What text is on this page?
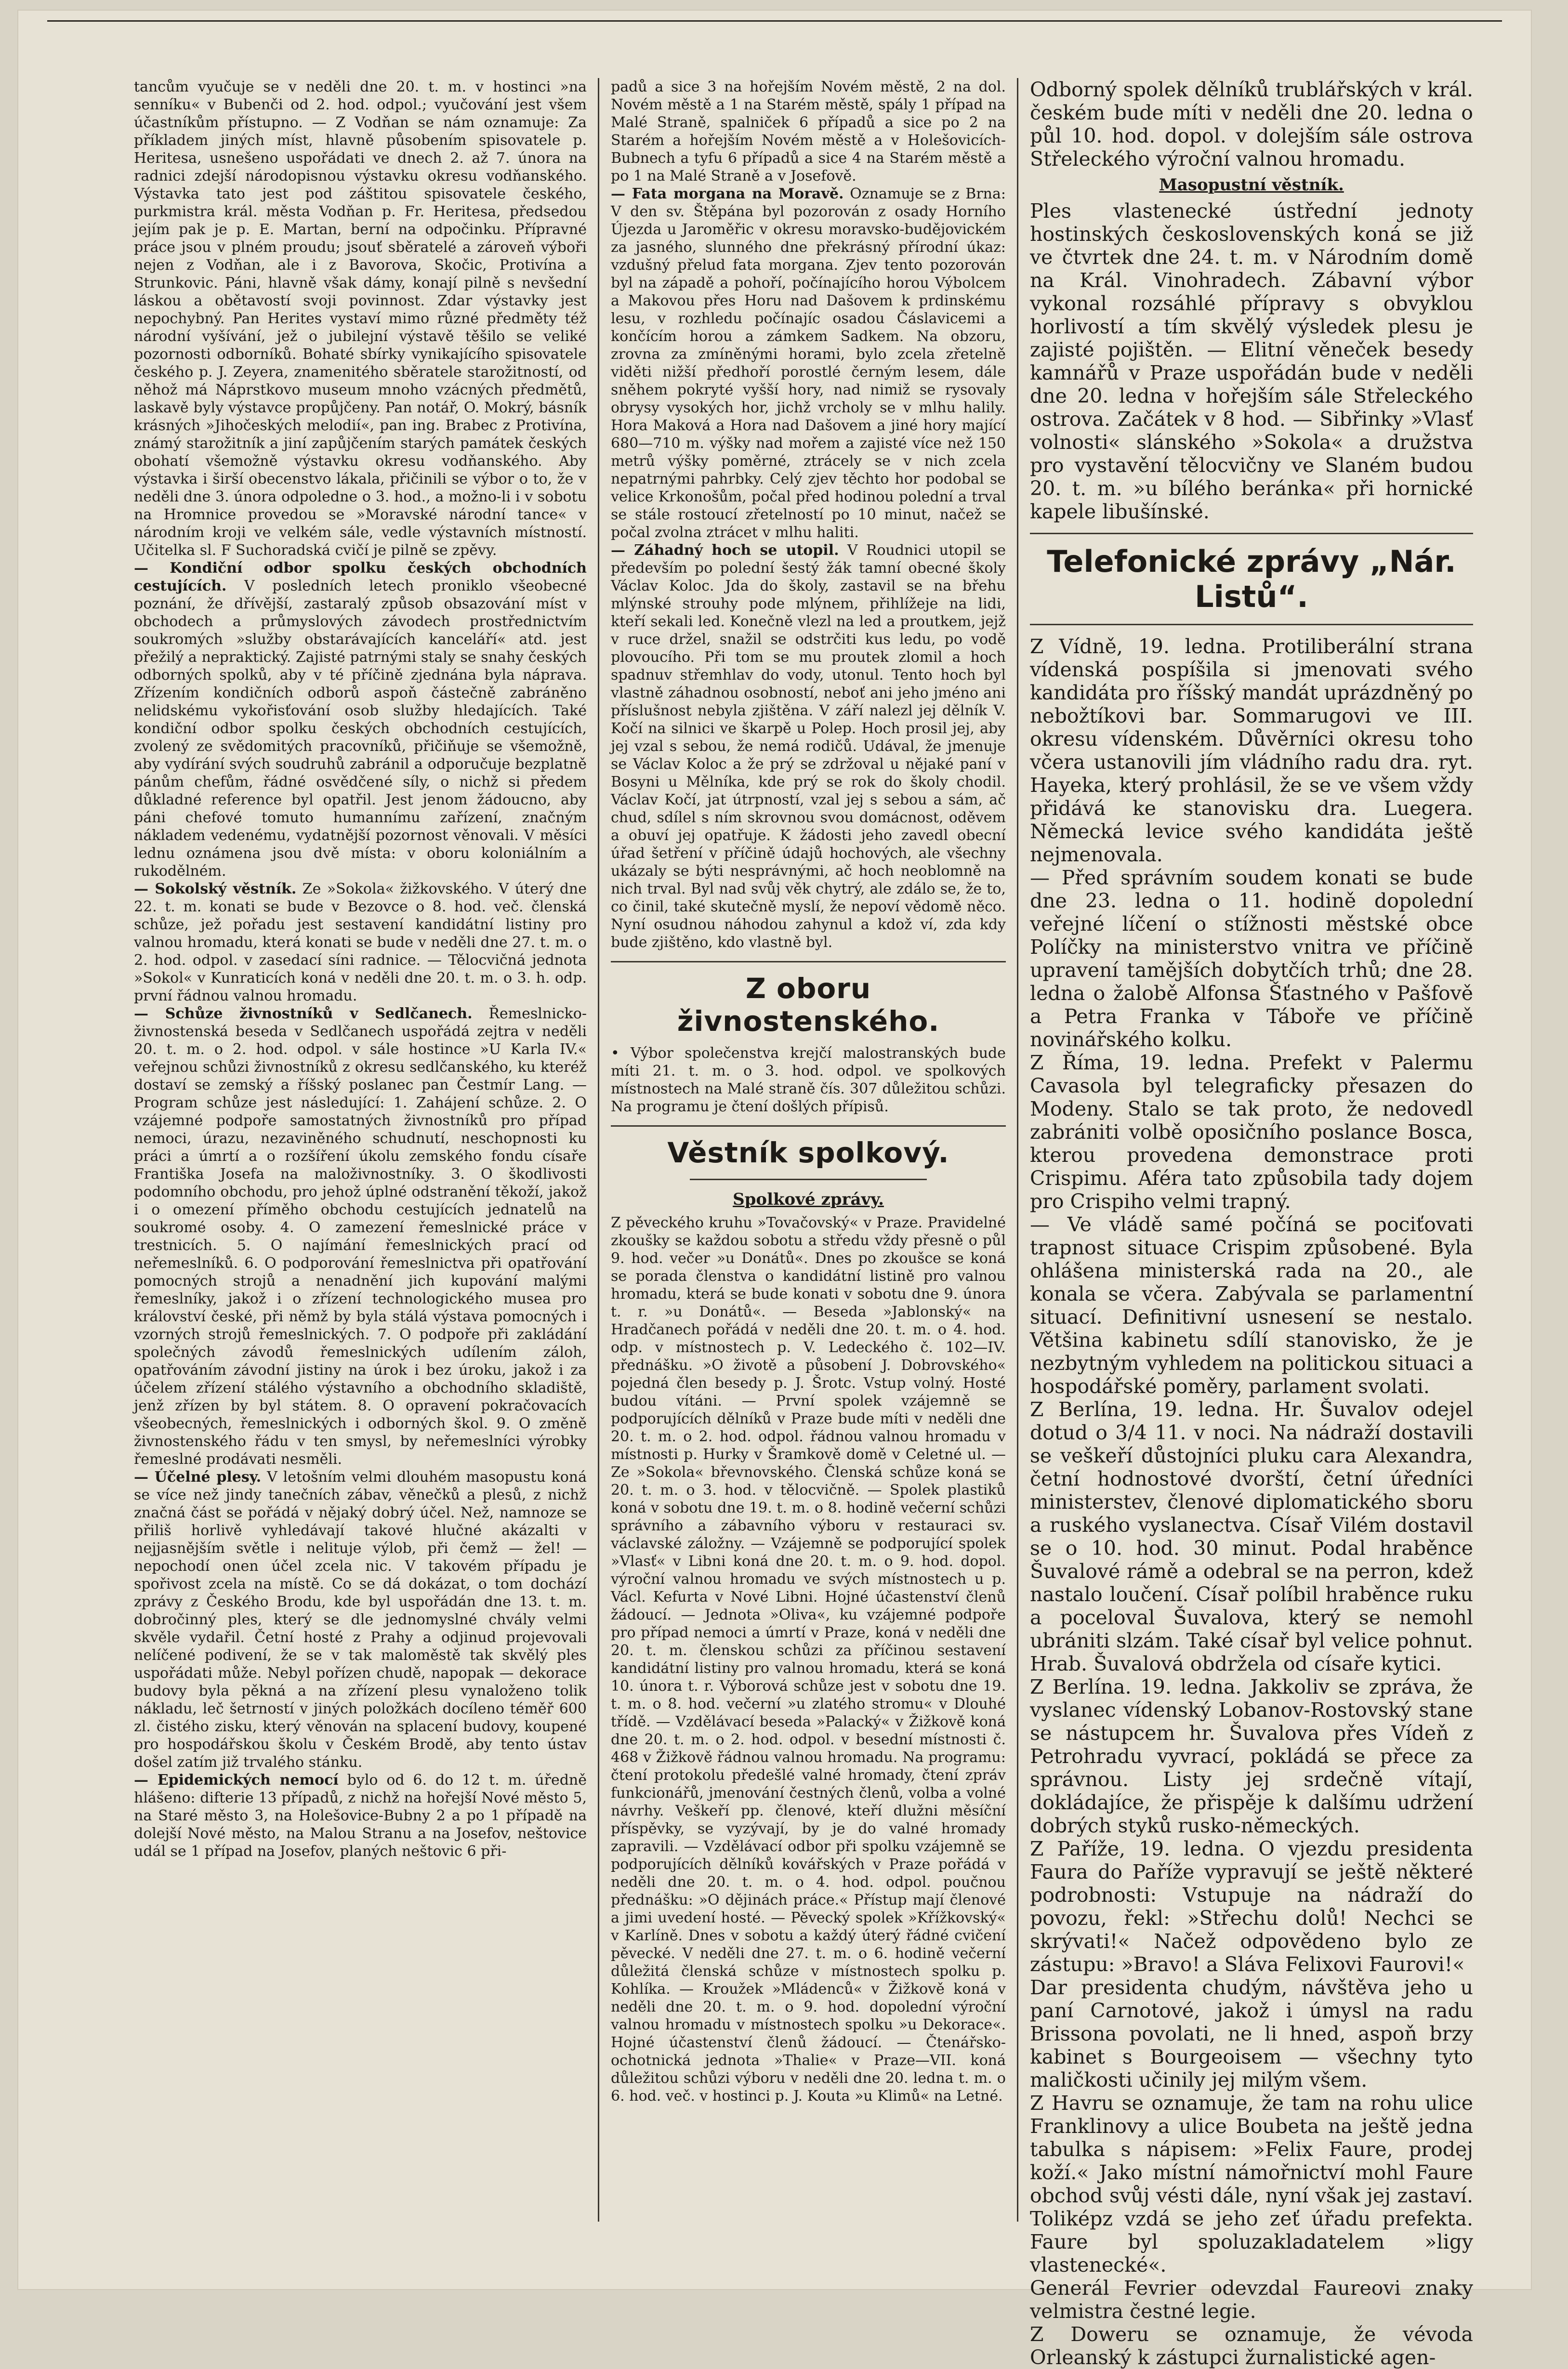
tancům vyučuje se v neděli dne 20. t. m. v hostinci »na senníku« v Bubenči od 2. hod. odpol.; vyučování jest všem účastníkům přístupno. — Z Vodňan se nám oznamuje: Za příkladem jiných míst, hlavně působením spisovatele p. Heritesa, usnešeno uspořádati ve dnech 2. až 7. února na radnici zdejší národopisnou výstavku okresu vodňanského. Výstavka tato jest pod záštitou spisovatele českého, purkmistra král. města Vodňan p. Fr. Heritesa, předsedou jejím pak je p. E. Martan, berní na odpočinku. Přípravné práce jsou v plném proudu; jsouť sběratelé a zároveň výboři nejen z Vodňan, ale i z Bavorova, Skočic, Protivína a Strunkovic. Páni, hlavně však dámy, konají pilně s nevšední láskou a obětavostí svoji povinnost. Zdar výstavky jest nepochybný. Pan Herites vystaví mimo různé předměty též národní vyšívání, jež o jubilejní výstavě těšilo se veliké pozornosti odborníků. Bohaté sbírky vynikajícího spisovatele českého p. J. Zeyera, znamenitého sběratele starožitností, od něhož má Náprstkovo museum mnoho vzácných předmětů, laskavě byly výstavce propůjčeny. Pan notář, O. Mokrý, básník krásných »Jihočeských melodií«, pan ing. Brabec z Protivína, známý starožitník a jiní zapůjčením starých památek českých obohatí všemožně výstavku okresu vodňanského. Aby výstavka i širší obecenstvo lákala, přičinili se výbor o to, že v neděli dne 3. února odpoledne o 3. hod., a možno-li i v sobotu na Hromnice provedou se »Moravské národní tance« v národním kroji ve velkém sále, vedle výstavních místností. Učitelka sl. F Suchoradská cvičí je pilně se zpěvy.

— Kondiční odbor spolku českých obchodních cestujících. V posledních letech proniklo všeobecné poznání, že dřívější, zastaralý způsob obsazování míst v obchodech a průmyslových závodech prostřednictvím soukromých »služby obstarávajících kanceláří« atd. jest přežilý a nepraktický. Zajisté patrnými staly se snahy českých odborných spolků, aby v té příčině zjednána byla náprava. Zřízením kondičních odborů aspoň částečně zabráněno nelidskému vykořisťování osob služby hledajících. Také kondiční odbor spolku českých obchodních cestujících, zvolený ze svědomitých pracovníků, přičiňuje se všemožně, aby vydírání svých soudruhů zabránil a odporučuje bezplatně pánům chefům, řádné osvědčené síly, o nichž si předem důkladné reference byl opatřil. Jest jenom žádoucno, aby páni chefové tomuto humannímu zařízení, značným nákladem vedenému, vydatnější pozornost věnovali. V měsíci lednu oznámena jsou dvě místa: v oboru koloniálním a rukodělném.

— Sokolský věstník. Ze »Sokola« žižkovského. V úterý dne 22. t. m. konati se bude v Bezovce o 8. hod. več. členská schůze, jež pořadu jest sestavení kandidátní listiny pro valnou hromadu, která konati se bude v neděli dne 27. t. m. o 2. hod. odpol. v zasedací síni radnice. — Tělocvičná jednota »Sokol« v Kunraticích koná v neděli dne 20. t. m. o 3. h. odp. první řádnou valnou hromadu.

— Schůze živnostníků v Sedlčanech. Řemeslnicko-živnostenská beseda v Sedlčanech uspořádá zejtra v neděli 20. t. m. o 2. hod. odpol. v sále hostince »U Karla IV.« veřejnou schůzi živnostníků z okresu sedlčanského, ku kteréž dostaví se zemský a říšský poslanec pan Čestmír Lang. — Program schůze jest následující: 1. Zahájení schůze. 2. O vzájemné podpoře samostatných živnostníků pro případ nemoci, úrazu, nezaviněného schudnutí, neschopnosti ku práci a úmrtí a o rozšíření úkolu zemského fondu císaře Františka Josefa na maloživnostníky. 3. O škodlivosti podomního obchodu, pro jehož úplné odstranění těkoží, jakož i o omezení příměho obchodu cestujících jednatelů na soukromé osoby. 4. O zamezení řemeslnické práce v trestnicích. 5. O najímání řemeslnických prací od neřemeslníků. 6. O podporování řemeslnictva při opatřování pomocných strojů a nenadnění jich kupování malými řemeslníky, jakož i o zřízení technologického musea pro království české, při němž by byla stálá výstava pomocných i vzorných strojů řemeslnických. 7. O podpoře při zakládání společných závodů řemeslnických udílením záloh, opatřováním závodní jistiny na úrok i bez úroku, jakož i za účelem zřízení stálého výstavního a obchodního skladiště, jenž zřízen by byl státem. 8. O opravení pokračovacích všeobecných, řemeslnických i odborných škol. 9. O změně živnostenského řádu v ten smysl, by neřemeslníci výrobky řemeslné prodávati nesměli.

— Účelné plesy. V letošním velmi dlouhém masopustu koná se více než jindy tanečních zábav, věnečků a plesů, z nichž značná část se pořádá v nějaký dobrý účel. Než, namnoze se přiliš horlivě vyhledávají takové hlučné akázalti v nejjasnějším světle i nelituje výlob, při čemž — žel! — nepochodí onen účel zcela nic. V takovém případu je spořivost zcela na místě. Co se dá dokázat, o tom dochází zprávy z Českého Brodu, kde byl uspořádán dne 13. t. m. dobročinný ples, který se dle jednomyslné chvály velmi skvěle vydařil. Četní hosté z Prahy a odjinud projevovali nelíčené podivení, že se v tak maloměstě tak skvělý ples uspořádati může. Nebyl pořízen chudě, napopak — dekorace budovy byla pěkná a na zřízení plesu vynaloženo tolik nákladu, leč šetrností v jiných položkách docíleno téměř 600 zl. čistého zisku, který věnován na splacení budovy, koupené pro hospodářskou školu v Českém Brodě, aby tento ústav došel zatím již trvalého stánku.

— Epidemických nemocí bylo od 6. do 12 t. m. úředně hlášeno: difterie 13 případů, z nichž na hořejší Nové město 5, na Staré město 3, na Holešovice-Bubny 2 a po 1 případě na dolejší Nové město, na Malou Stranu a na Josefov, neštovice udál se 1 případ na Josefov, planých neštovic 6 při-

padů a sice 3 na hořejším Novém městě, 2 na dol. Novém městě a 1 na Starém městě, spály 1 případ na Malé Straně, spalniček 6 případů a sice po 2 na Starém a hořejším Novém městě a v Holešovicích-Bubnech a tyfu 6 případů a sice 4 na Starém městě a po 1 na Malé Straně a v Josefově.

— Fata morgana na Moravě. Oznamuje se z Brna: V den sv. Štěpána byl pozorován z osady Horního Újezda u Jaroměřic v okresu moravsko-budějovickém za jasného, slunného dne překrásný přírodní úkaz: vzdušný přelud fata morgana. Zjev tento pozorován byl na západě a pohoří, počínajícího horou Výbolcem a Makovou přes Horu nad Dašovem k prdinskému lesu, v rozhledu počínajíc osadou Čáslavicemi a končícím horou a zámkem Sadkem. Na obzoru, zrovna za zmíněnými horami, bylo zcela zřetelně viděti nižší předhoří porostlé černým lesem, dále sněhem pokryté vyšší hory, nad nimiž se rysovaly obrysy vysokých hor, jichž vrcholy se v mlhu halily. Hora Maková a Hora nad Dašovem a jiné hory mající 680—710 m. výšky nad mořem a zajisté více než 150 metrů výšky poměrné, ztrácely se v nich zcela nepatrnými pahrbky. Celý zjev těchto hor podobal se velice Krkonošům, počal před hodinou polední a trval se stále rostoucí zřetelností po 10 minut, načež se počal zvolna ztrácet v mlhu haliti.

— Záhadný hoch se utopil. V Roudnici utopil se především po polední šestý žák tamní obecné školy Václav Koloc. Jda do školy, zastavil se na břehu mlýnské strouhy pode mlýnem, přihlížeje na lidi, kteří sekali led. Konečně vlezl na led a proutkem, jejž v ruce držel, snažil se odstrčiti kus ledu, po vodě plovoucího. Při tom se mu proutek zlomil a hoch spadnuv střemhlav do vody, utonul. Tento hoch byl vlastně záhadnou osobností, neboť ani jeho jméno ani příslušnost nebyla zjištěna. V září nalezl jej dělník V. Kočí na silnici ve škarpě u Polep. Hoch prosil jej, aby jej vzal s sebou, že nemá rodičů. Udával, že jmenuje se Václav Koloc a že prý se zdržoval u nějaké paní v Bosyni u Mělníka, kde prý se rok do školy chodil. Václav Kočí, jat útrpností, vzal jej s sebou a sám, ač chud, sdílel s ním skrovnou svou domácnost, oděvem a obuví jej opatřuje. K žádosti jeho zavedl obecní úřad šetření v příčině údajů hochových, ale všechny ukázaly se býti nesprávnými, ač hoch neoblomně na nich trval. Byl nad svůj věk chytrý, ale zdálo se, že to, co činil, také skutečně myslí, že nepoví vědomě něco. Nyní osudnou náhodou zahynul a kdož ví, zda kdy bude zjištěno, kdo vlastně byl.

Z oboru živnostenského.

• Výbor společenstva krejčí malostranských bude míti 21. t. m. o 3. hod. odpol. ve spolkových místnostech na Malé straně čís. 307 důležitou schůzi. Na programu je čtení došlých přípisů.

Věstník spolkový.
Spolkové zprávy.

Z pěveckého kruhu »Tovačovský« v Praze. Pravidelné zkoušky se každou sobotu a středu vždy přesně o půl 9. hod. večer »u Donátů«. Dnes po zkoušce se koná se porada členstva o kandidátní listině pro valnou hromadu, která se bude konati v sobotu dne 9. února t. r. »u Donátů«. — Beseda »Jablonský« na Hradčanech pořádá v neděli dne 20. t. m. o 4. hod. odp. v místnostech p. V. Ledeckého č. 102—IV. přednášku. »O životě a působení J. Dobrovského« pojedná člen besedy p. J. Šrotc. Vstup volný. Hosté budou vítáni. — První spolek vzájemně se podporujících dělníků v Praze bude míti v neděli dne 20. t. m. o 2. hod. odpol. řádnou valnou hromadu v místnosti p. Hurky v Šramkově domě v Celetné ul. — Ze »Sokola« břevnovského. Členská schůze koná se 20. t. m. o 3. hod. v tělocvičně. — Spolek plastiků koná v sobotu dne 19. t. m. o 8. hodině večerní schůzi správního a zábavního výboru v restauraci sv. václavské záložny. — Vzájemně se podporující spolek »Vlasť« v Libni koná dne 20. t. m. o 9. hod. dopol. výroční valnou hromadu ve svých místnostech u p. Václ. Kefurta v Nové Libni. Hojné účastenství členů žádoucí. — Jednota »Oliva«, ku vzájemné podpoře pro případ nemoci a úmrtí v Praze, koná v neděli dne 20. t. m. členskou schůzi za příčinou sestavení kandidátní listiny pro valnou hromadu, která se koná 10. února t. r. Výborová schůze jest v sobotu dne 19. t. m. o 8. hod. večerní »u zlatého stromu« v Dlouhé třídě. — Vzdělávací beseda »Palacký« v Žižkově koná dne 20. t. m. o 2. hod. odpol. v besední místnosti č. 468 v Žižkově řádnou valnou hromadu. Na programu: čtení protokolu předešlé valné hromady, čtení zpráv funkcionářů, jmenování čestných členů, volba a volné návrhy. Veškeří pp. členové, kteří dlužni měsíční příspěvky, se vyzývají, by je do valné hromady zapravili. — Vzdělávací odbor při spolku vzájemně se podporujících dělníků kovářských v Praze pořádá v neděli dne 20. t. m. o 4. hod. odpol. poučnou přednášku: »O dějinách práce.« Přístup mají členové a jimi uvedení hosté. — Pěvecký spolek »Křížkovský« v Karlíně. Dnes v sobotu a každý úterý řádné cvičení pěvecké. V neděli dne 27. t. m. o 6. hodině večerní důležitá členská schůze v místnostech spolku p. Kohlíka. — Kroužek »Mládenců« v Žižkově koná v neděli dne 20. t. m. o 9. hod. dopolední výroční valnou hromadu v místnostech spolku »u Dekorace«. Hojné účastenství členů žádoucí. — Čtenářsko-ochotnická jednota »Thalie« v Praze—VII. koná důležitou schůzi výboru v neděli dne 20. ledna t. m. o 6. hod. več. v hostinci p. J. Kouta »u Klimů« na Letné.

Odborný spolek dělníků trublářských v král. českém bude míti v neděli dne 20. ledna o půl 10. hod. dopol. v dolejším sále ostrova Střeleckého výroční valnou hromadu.

Masopustní věstník.

Ples vlastenecké ústřední jednoty hostinských československých koná se již ve čtvrtek dne 24. t. m. v Národním domě na Král. Vinohradech. Zábavní výbor vykonal rozsáhlé přípravy s obvyklou horlivostí a tím skvělý výsledek plesu je zajisté pojištěn. — Elitní věneček besedy kamnářů v Praze uspořádán bude v neděli dne 20. ledna v hořejším sále Střeleckého ostrova. Začátek v 8 hod. — Sibřinky »Vlasť volnosti« slánského »Sokola« a družstva pro vystavění tělocvičny ve Slaném budou 20. t. m. »u bílého beránka« při hornické kapele libušínské.

Telefonické zprávy „Nár. Listů“.

Z Vídně, 19. ledna. Protiliberální strana vídenská pospíšila si jmenovati svého kandidáta pro říšský mandát uprázdněný po nebožtíkovi bar. Sommarugovi ve III. okresu vídenském. Důvěrníci okresu toho včera ustanovili jím vládního radu dra. ryt. Hayeka, který prohlásil, že se ve všem vždy přidává ke stanovisku dra. Luegera. Německá levice svého kandidáta ještě nejmenovala.

— Před správním soudem konati se bude dne 23. ledna o 11. hodině dopolední veřejné líčení o stížnosti městské obce Políčky na ministerstvo vnitra ve příčině upravení tamějších dobytčích trhů; dne 28. ledna o žalobě Alfonsa Šťastného v Pašfově a Petra Franka v Táboře ve příčině novinářského kolku.

Z Říma, 19. ledna. Prefekt v Palermu Cavasola byl telegraficky přesazen do Modeny. Stalo se tak proto, že nedovedl zabrániti volbě oposičního poslance Bosca, kterou provedena demonstrace proti Crispimu. Aféra tato způsobila tady dojem pro Crispiho velmi trapný.

— Ve vládě samé počíná se pociťovati trapnost situace Crispim způsobené. Byla ohlášena ministerská rada na 20., ale konala se včera. Zabývala se parlamentní situací. Definitivní usnesení se nestalo. Většina kabinetu sdílí stanovisko, že je nezbytným vyhledem na politickou situaci a hospodářské poměry, parlament svolati.

Z Berlína, 19. ledna. Hr. Šuvalov odejel dotud o 3/4 11. v noci. Na nádraží dostavili se veškeří důstojníci pluku cara Alexandra, četní hodnostové dvorští, četní úředníci ministerstev, členové diplomatického sboru a ruského vyslanectva. Císař Vilém dostavil se o 10. hod. 30 minut. Podal hraběnce Šuvalové rámě a odebral se na perron, kdež nastalo loučení. Císař políbil hraběnce ruku a poceloval Šuvalova, který se nemohl ubrániti slzám. Také císař byl velice pohnut. Hrab. Šuvalová obdržela od císaře kytici.

Z Berlína. 19. ledna. Jakkoliv se zpráva, že vyslanec vídenský Lobanov-Rostovský stane se nástupcem hr. Šuvalova přes Vídeň z Petrohradu vyvrací, pokládá se přece za správnou. Listy jej srdečně vítají, dokládajíce, že přispěje k dalšímu udržení dobrých styků rusko-německých.

Z Paříže, 19. ledna. O vjezdu presidenta Faura do Paříže vypravují se ještě některé podrobnosti: Vstupuje na nádraží do povozu, řekl: »Střechu dolů! Nechci se skrývati!« Načež odpovědeno bylo ze zástupu: »Bravo! a Sláva Felixovi Faurovi!«

Dar presidenta chudým, návštěva jeho u paní Carnotové, jakož i úmysl na radu Brissona povolati, ne li hned, aspoň brzy kabinet s Bourgeoisem — všechny tyto maličkosti učinily jej milým všem.

Z Havru se oznamuje, že tam na rohu ulice Franklinovy a ulice Boubeta na ještě jedna tabulka s nápisem: »Felix Faure, prodej koží.« Jako místní námořnictví mohl Faure obchod svůj vésti dále, nyní však jej zastaví. Toliképz vzdá se jeho zeť úřadu prefekta. Faure byl spoluzakladatelem »ligy vlastenecké«.

Generál Fevrier odevzdal Faureovi znaky velmistra čestné legie.

Z Doweru se oznamuje, že vévoda Orleanský k zástupci žurnalistické agen-
